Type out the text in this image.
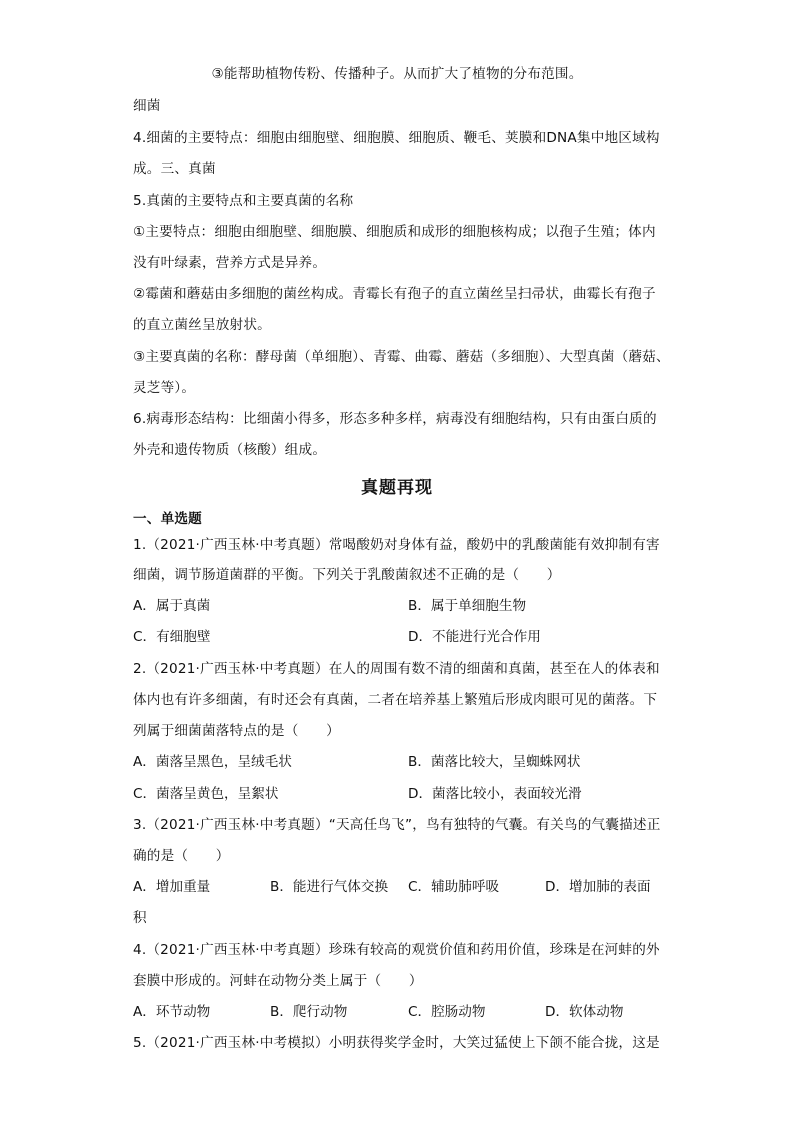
③能帮助植物传粉、传播种子。从而扩大了植物的分布范围。
细菌
4.细菌的主要特点：细胞由细胞壁、细胞膜、细胞质、鞭毛、荚膜和DNA集中地区域构
成。三、真菌
5.真菌的主要特点和主要真菌的名称
①主要特点：细胞由细胞壁、细胞膜、细胞质和成形的细胞核构成；以孢子生殖；体内
没有叶绿素，营养方式是异养。
②霉菌和蘑菇由多细胞的菌丝构成。青霉长有孢子的直立菌丝呈扫帚状，曲霉长有孢子
的直立菌丝呈放射状。
③主要真菌的名称：酵母菌（单细胞）、青霉、曲霉、蘑菇（多细胞）、大型真菌（蘑菇、
灵芝等）。
6.病毒形态结构：比细菌小得多，形态多种多样，病毒没有细胞结构，只有由蛋白质的
外壳和遗传物质（核酸）组成。
真题再现
一、单选题
1.（2021·广西玉林·中考真题）常喝酸奶对身体有益，酸奶中的乳酸菌能有效抑制有害
细菌，调节肠道菌群的平衡。下列关于乳酸菌叙述不正确的是（　　）
A．属于真菌	B．属于单细胞生物
C．有细胞壁	D．不能进行光合作用
2.（2021·广西玉林·中考真题）在人的周围有数不清的细菌和真菌，甚至在人的体表和
体内也有许多细菌，有时还会有真菌，二者在培养基上繁殖后形成肉眼可见的菌落。下
列属于细菌菌落特点的是（　　）
A．菌落呈黑色，呈绒毛状	B．菌落比较大，呈蜘蛛网状
C．菌落呈黄色，呈絮状	D．菌落比较小，表面较光滑
3.（2021·广西玉林·中考真题）“天高任鸟飞”，鸟有独特的气囊。有关鸟的气囊描述正
确的是（　　）
A．增加重量	B．能进行气体交换 C．辅助肺呼吸	D．增加肺的表面
积
4.（2021·广西玉林·中考真题）珍珠有较高的观赏价值和药用价值，珍珠是在河蚌的外
套膜中形成的。河蚌在动物分类上属于（　　）
A．环节动物	B．爬行动物	C．腔肠动物	D．软体动物
5.（2021·广西玉林·中考模拟）小明获得奖学金时，大笑过猛使上下颌不能合拢，这是
